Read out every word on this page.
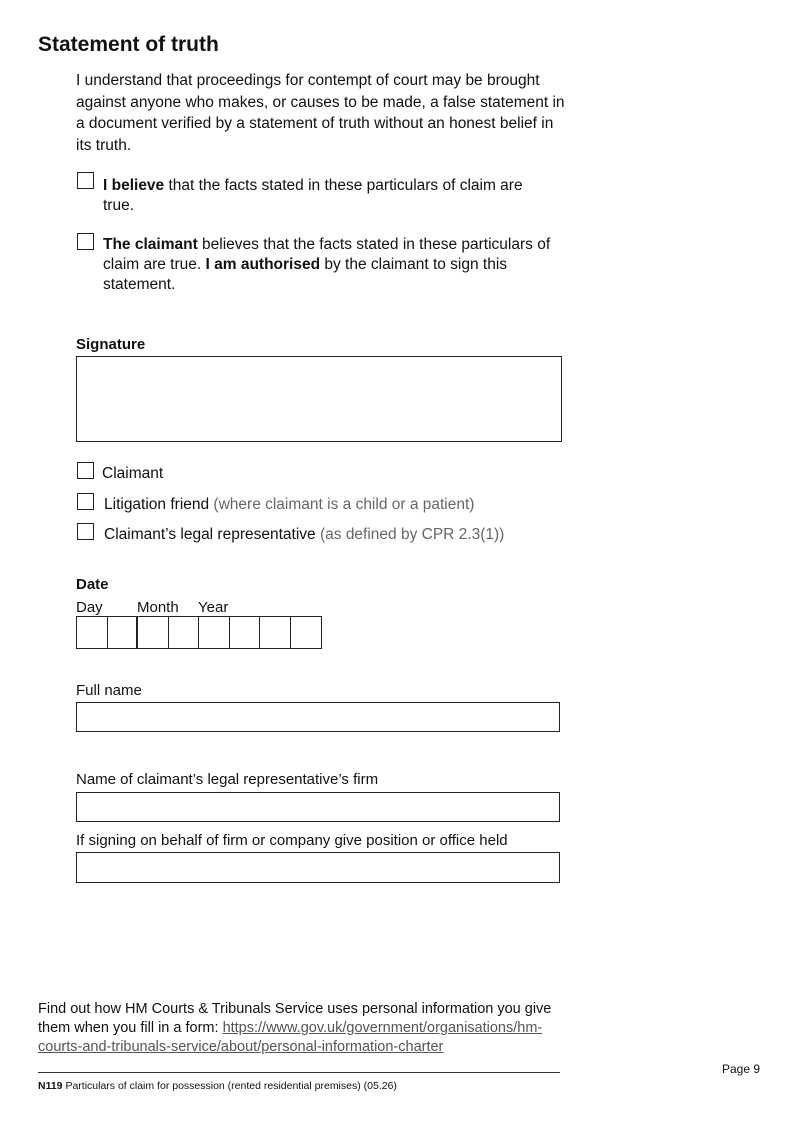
Statement of truth
I understand that proceedings for contempt of court may be brought against anyone who makes, or causes to be made, a false statement in a document verified by a statement of truth without an honest belief in its truth.
I believe that the facts stated in these particulars of claim are true.
The claimant believes that the facts stated in these particulars of claim are true. I am authorised by the claimant to sign this statement.
Signature
Claimant
Litigation friend (where claimant is a child or a patient)
Claimant’s legal representative (as defined by CPR 2.3(1))
Date
Day Month Year
Full name
Name of claimant’s legal representative’s firm
If signing on behalf of firm or company give position or office held
Find out how HM Courts & Tribunals Service uses personal information you give them when you fill in a form: https://www.gov.uk/government/organisations/hm-courts-and-tribunals-service/about/personal-information-charter
Page 9
N119 Particulars of claim for possession (rented residential premises) (05.26)
